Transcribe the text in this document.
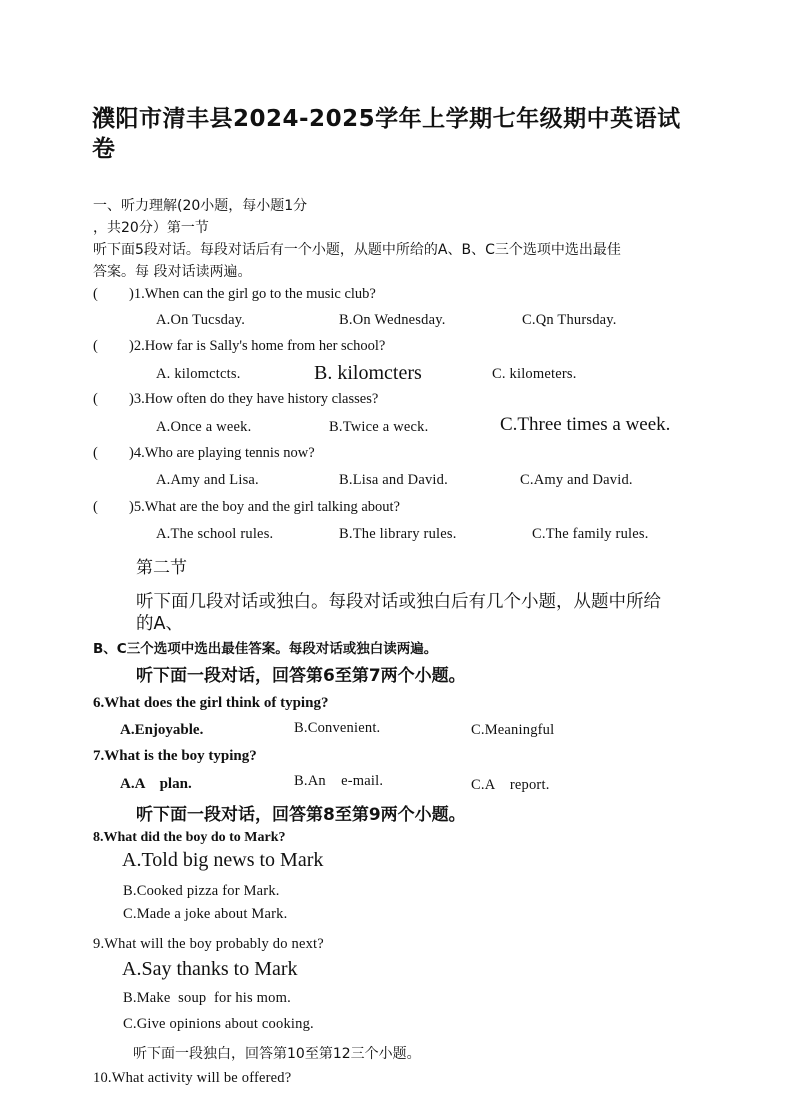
濮阳市清丰县2024-2025学年上学期七年级期中英语试
卷
一、听力理解(20小题，每小题1分
，共20分）第一节
听下面5段对话。每段对话后有一个小题，从题中所给的A、B、C三个选项中选出最佳
答案。每 段对话读两遍。
( )1.When can the girl go to the music club?
A.On Tucsday.	B.On Wednesday.	C.Qn Thursday.
( )2.How far is Sally's home from her school?
A. kilomctcts.	B. kilomcters	C. kilometers.
( )3.How often do they have history classes?
A.Once a week.	B.Twice a weck.	C.Three times a week.
( )4.Who are playing tennis now?
A.Amy and Lisa.	B.Lisa and David.	C.Amy and David.
( )5.What are the boy and the girl talking about?
A.The school rules.	B.The library rules.	C.The family rules.
第二节
听下面几段对话或独白。每段对话或独白后有几个小题，从题中所给
的A、
B、C三个选项中选出最佳答案。每段对话或独白读两遍。
听下面一段对话，回答第6至第7两个小题。
6.What does the girl think of typing?
A.Enjoyable.	B.Convenient.	C.Meaningful
7.What is the boy typing?
A.A    plan.	B.An    e-mail.	C.A    report.
听下面一段对话，回答第8至第9两个小题。
8.What did the boy do to Mark?
A.Told big news to Mark
B.Cooked pizza for Mark.
C.Made a joke about Mark.
9.What will the boy probably do next?
A.Say thanks to Mark
B.Make  soup  for his mom.
C.Give opinions about cooking.
听下面一段独白，回答第10至第12三个小题。
10.What activity will be offered?
